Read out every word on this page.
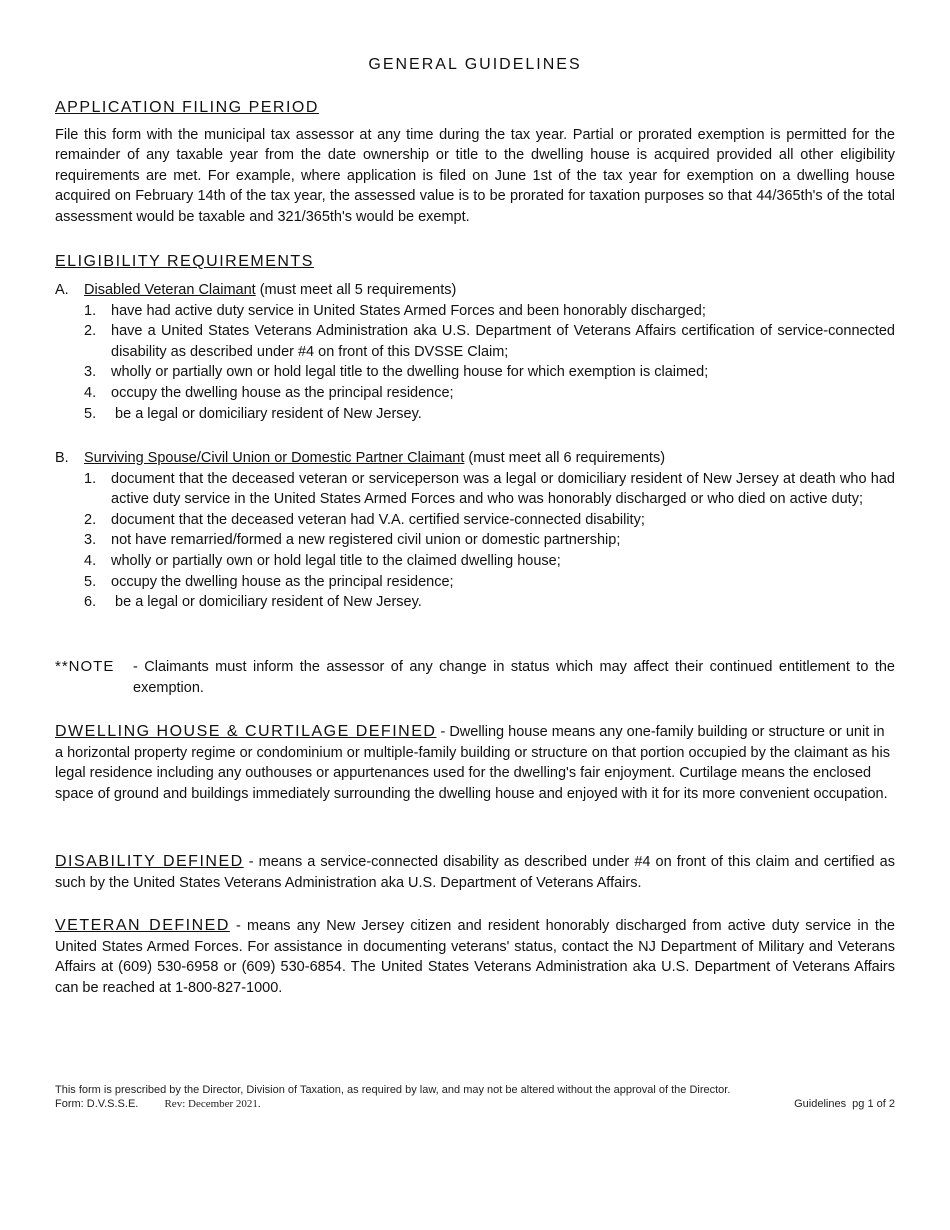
GENERAL GUIDELINES
APPLICATION FILING PERIOD
File this form with the municipal tax assessor at any time during the tax year. Partial or prorated exemption is permitted for the remainder of any taxable year from the date ownership or title to the dwelling house is acquired provided all other eligibility requirements are met. For example, where application is filed on June 1st of the tax year for exemption on a dwelling house acquired on February 14th of the tax year, the assessed value is to be prorated for taxation purposes so that 44/365th's of the total assessment would be taxable and 321/365th's would be exempt.
ELIGIBILITY REQUIREMENTS
A. Disabled Veteran Claimant (must meet all 5 requirements)
1. have had active duty service in United States Armed Forces and been honorably discharged;
2. have a United States Veterans Administration aka U.S. Department of Veterans Affairs certification of service-connected disability as described under #4 on front of this DVSSE Claim;
3. wholly or partially own or hold legal title to the dwelling house for which exemption is claimed;
4. occupy the dwelling house as the principal residence;
5. be a legal or domiciliary resident of New Jersey.
B. Surviving Spouse/Civil Union or Domestic Partner Claimant (must meet all 6 requirements)
1. document that the deceased veteran or serviceperson was a legal or domiciliary resident of New Jersey at death who had active duty service in the United States Armed Forces and who was honorably discharged or who died on active duty;
2. document that the deceased veteran had V.A. certified service-connected disability;
3. not have remarried/formed a new registered civil union or domestic partnership;
4. wholly or partially own or hold legal title to the claimed dwelling house;
5. occupy the dwelling house as the principal residence;
6. be a legal or domiciliary resident of New Jersey.
**NOTE	- Claimants must inform the assessor of any change in status which may affect their continued entitlement to the exemption.
DWELLING HOUSE & CURTILAGE DEFINED - Dwelling house means any one-family building or structure or unit in a horizontal property regime or condominium or multiple-family building or structure on that portion occupied by the claimant as his legal residence including any outhouses or appurtenances used for the dwelling's fair enjoyment. Curtilage means the enclosed space of ground and buildings immediately surrounding the dwelling house and enjoyed with it for its more convenient occupation.
DISABILITY DEFINED - means a service-connected disability as described under #4 on front of this claim and certified as such by the United States Veterans Administration aka U.S. Department of Veterans Affairs.
VETERAN DEFINED - means any New Jersey citizen and resident honorably discharged from active duty service in the United States Armed Forces. For assistance in documenting veterans' status, contact the NJ Department of Military and Veterans Affairs at (609) 530-6958 or (609) 530-6854. The United States Veterans Administration aka U.S. Department of Veterans Affairs can be reached at 1-800-827-1000.
This form is prescribed by the Director, Division of Taxation, as required by law, and may not be altered without the approval of the Director.
Form: D.V.S.S.E. Rev: December 2021.	Guidelines  pg 1 of 2
